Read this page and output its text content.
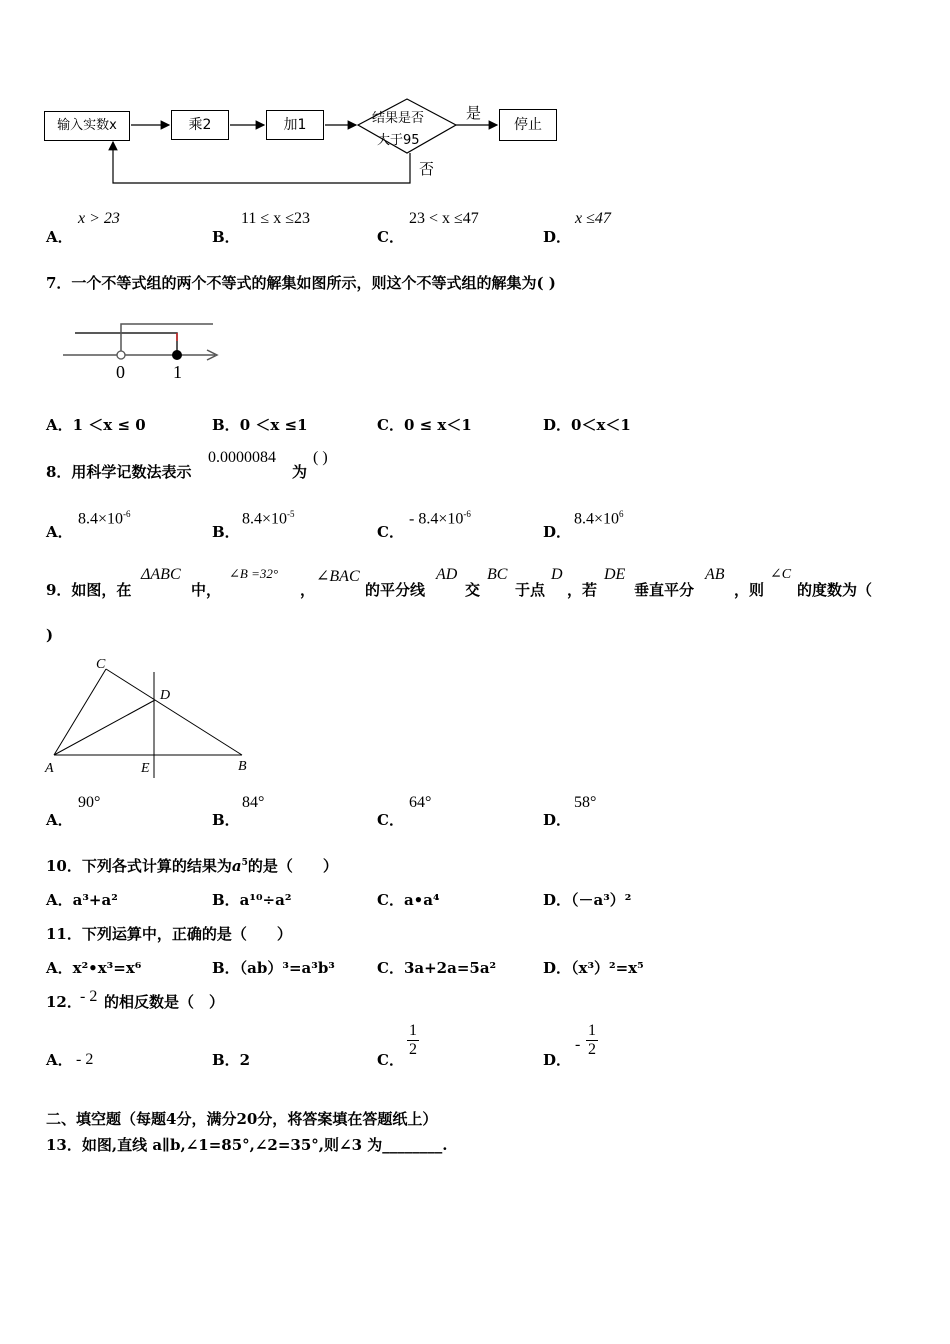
输入实数x	乘2	加1	结果是否
大于95
是
停止
否
A．
x > 23
B．
11 ≤ x ≤23
C．
23 < x ≤47
D．
x ≤47
7．一个不等式组的两个不等式的解集如图所示，则这个不等式组的解集为( )
0	1
A．1 ＜x ≤ 0	B．0 ＜x ≤1	C．0 ≤ x＜1	D．0＜x＜1
8．用科学记数法表示
0.0000084
为
( )
A．
$8.4\times 10^{-6}$
B．
$8.4\times 10^{-5}$
C．
- $8.4\times 10^{-6}$
D．
$8.4\times 10^6$
9．如图，在
ΔABC
中，
∠B =32°
，
∠BAC
的平分线
AD
交
BC
于点
D
，若
DE
垂直平分
AB
，则
∠C
的度数为（
)
C
D
A	E	B
A．
90°
B．
84°
C．
64°
D．
58°
10．下列各式计算的结果为$a^5$的是（　　）
A．a³+a²	B．a¹⁰÷a²	C．a•a⁴	D．（－a³）²
11．下列运算中，正确的是（　　）
A．x²•x³=x⁶	B．（ab）³=a³b³	C．3a+2a=5a²	D．（x³）²=x⁵
12．
- 2 的相反数是（　）
A． - 2	B．2	C．
$\frac{1}{2}$
D．
- $\frac{1}{2}$
二、填空题（每题4分，满分20分，将答案填在答题纸上）
13．如图,直线 a∥b,∠1=85°,∠2=35°,则∠3 为________.
